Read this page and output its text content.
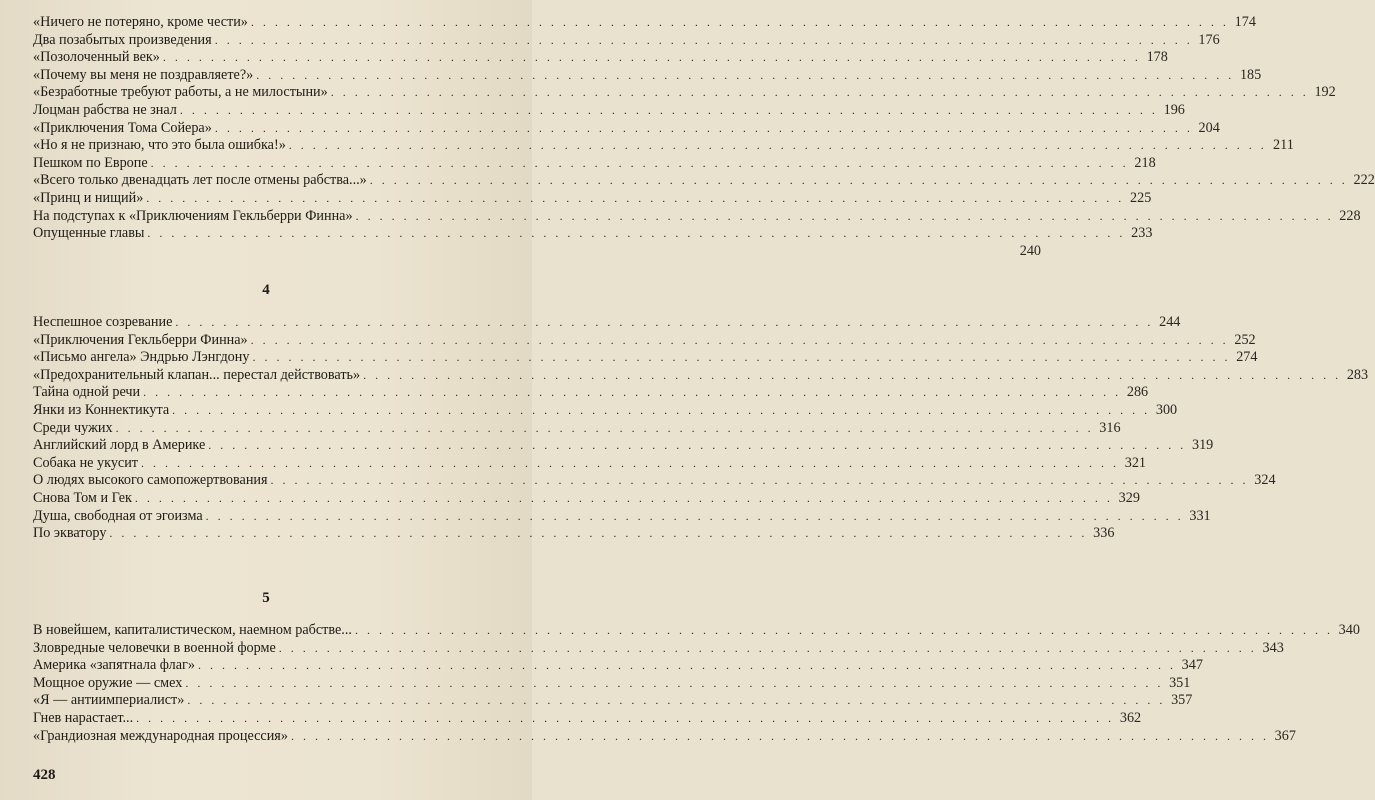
«Ничего не потеряно, кроме чести» . . .	174
Два позабытых произведения . . .	176
«Позолоченный век» . . .	178
«Почему вы меня не поздравляете?» . . .	185
«Безработные требуют работы, а не милостыни» . . .	192
Лоцман рабства не знал . . .	196
«Приключения Тома Сойера» . . .	204
«Но я не признаю, что это была ошибка!» . . .	211
Пешком по Европе . . .	218
«Всего только двенадцать лет после отмены рабства...» . . .	222
«Принц и нищий» . . .	225
На подступах к «Приключениям Гекльберри Финна» . . .	228
Опущенные главы . . .	233
240
4
Неспешное созревание . . .	244
«Приключения Гекльберри Финна» . . .	252
«Письмо ангела» Эндрью Лэнгдону . . .	274
«Предохранительный клапан... перестал действовать» . . .	283
Тайна одной речи . . .	286
Янки из Коннектикута . . .	300
Среди чужих . . .	316
Английский лорд в Америке . . .	319
Собака не укусит . . .	321
О людях высокого самопожертвования . . .	324
Снова Том и Гек . . .	329
Душа, свободная от эгоизма . . .	331
По экватору . . .	336
5
В новейшем, капиталистическом, наемном рабстве... . . .	340
Зловредные человечки в военной форме . . .	343
Америка «запятнала флаг» . . .	347
Мощное оружие — смех . . .	351
«Я — антиимпериалист» . . .	357
Гнев нарастает... . . .	362
«Грандиозная международная процессия» . . .	367
428
